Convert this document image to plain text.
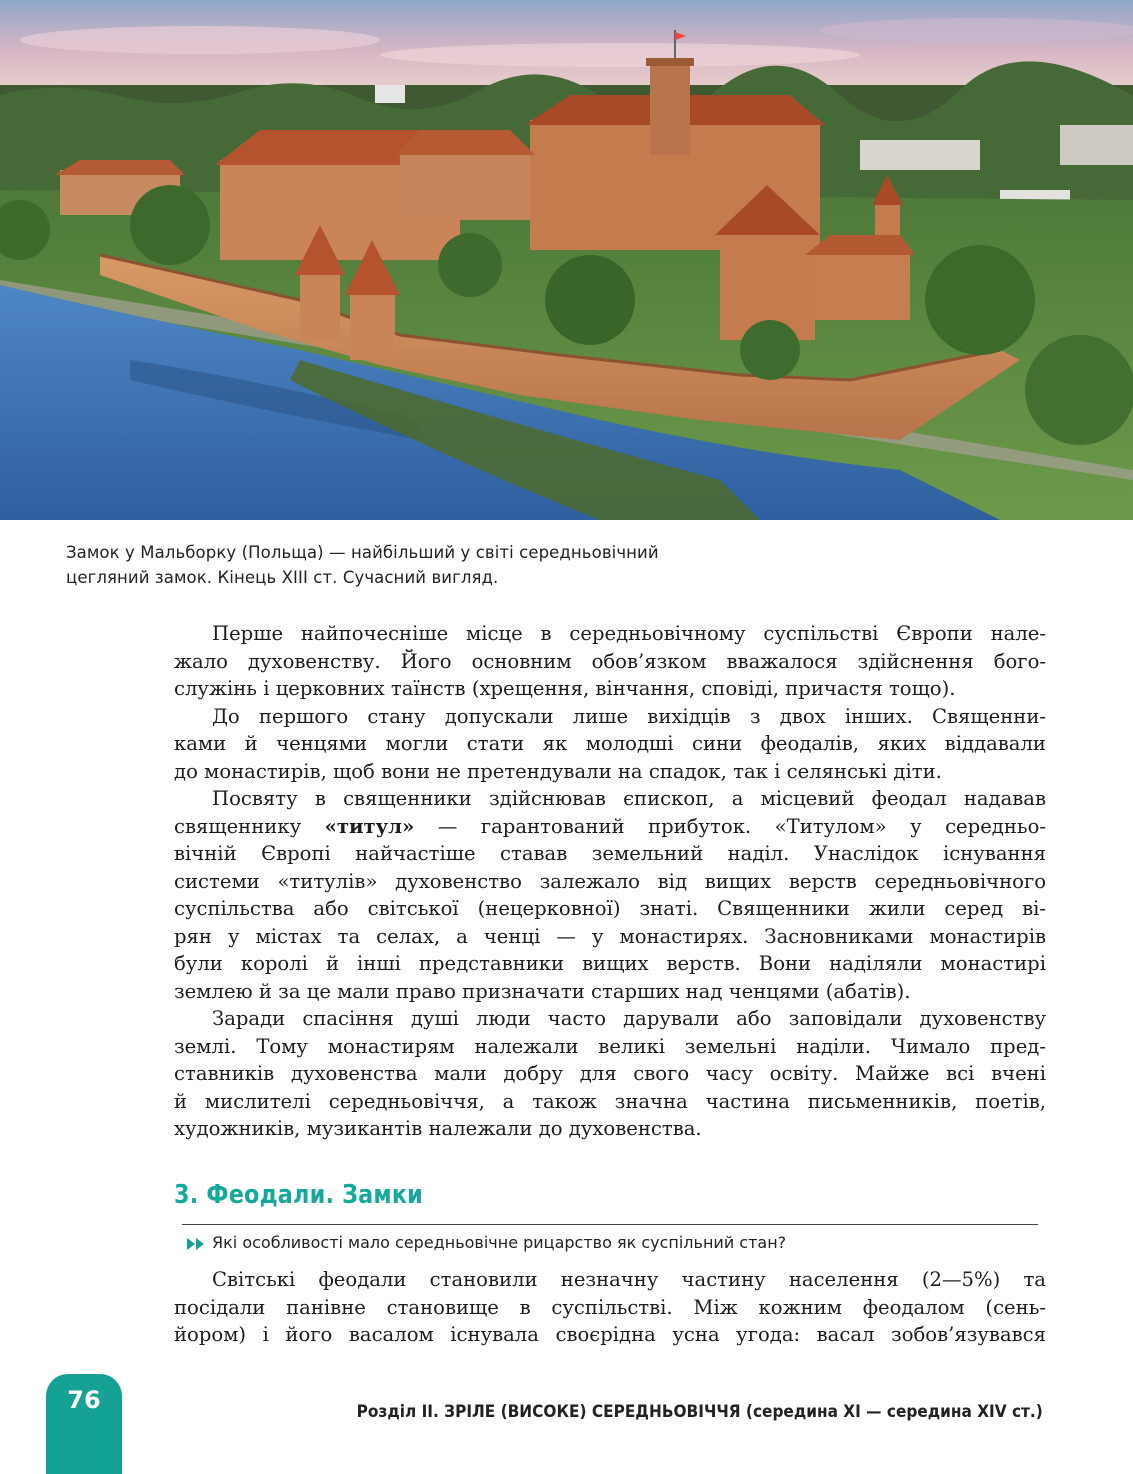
Замок у Мальборку (Польща) — найбільший у світі середньовічний
цегляний замок. Кінець XIII ст. Сучасний вигляд.
Перше найпочесніше місце в середньовічному суспільстві Європи нале-
жало духовенству. Його основним обов’язком вважалося здійснення бого-
служінь і церковних таїнств (хрещення, вінчання, сповіді, причастя тощо).
До першого стану допускали лише вихідців з двох інших. Священни-
ками й ченцями могли стати як молодші сини феодалів, яких віддавали
до монастирів, щоб вони не претендували на спадок, так і селянські діти.
Посвяту в священники здійснював єпископ, а місцевий феодал надавав
священнику «титул» — гарантований прибуток. «Титулом» у середньо-
вічній Європі найчастіше ставав земельний наділ. Унаслідок існування
системи «титулів» духовенство залежало від вищих верств середньовічного
суспільства або світської (нецерковної) знаті. Священники жили серед ві-
рян у містах та селах, а ченці — у монастирях. Засновниками монастирів
були королі й інші представники вищих верств. Вони наділяли монастирі
землею й за це мали право призначати старших над ченцями (абатів).
Заради спасіння душі люди часто дарували або заповідали духовенству
землі. Тому монастирям належали великі земельні наділи. Чимало пред-
ставників духовенства мали добру для свого часу освіту. Майже всі вчені
й мислителі середньовіччя, а також значна частина письменників, поетів,
художників, музикантів належали до духовенства.
3. Феодали. Замки
Які особливості мало середньовічне рицарство як суспільний стан?
Світські феодали становили незначну частину населення (2—5%) та
посідали панівне становище в суспільстві. Між кожним феодалом (сень-
йором) і його васалом існувала своєрідна усна угода: васал зобов’язувався
76	Розділ ІІ. ЗРІЛЕ (ВИСОКЕ) СЕРЕДНЬОВІЧЧЯ (середина ХІ — середина ХІV ст.)
